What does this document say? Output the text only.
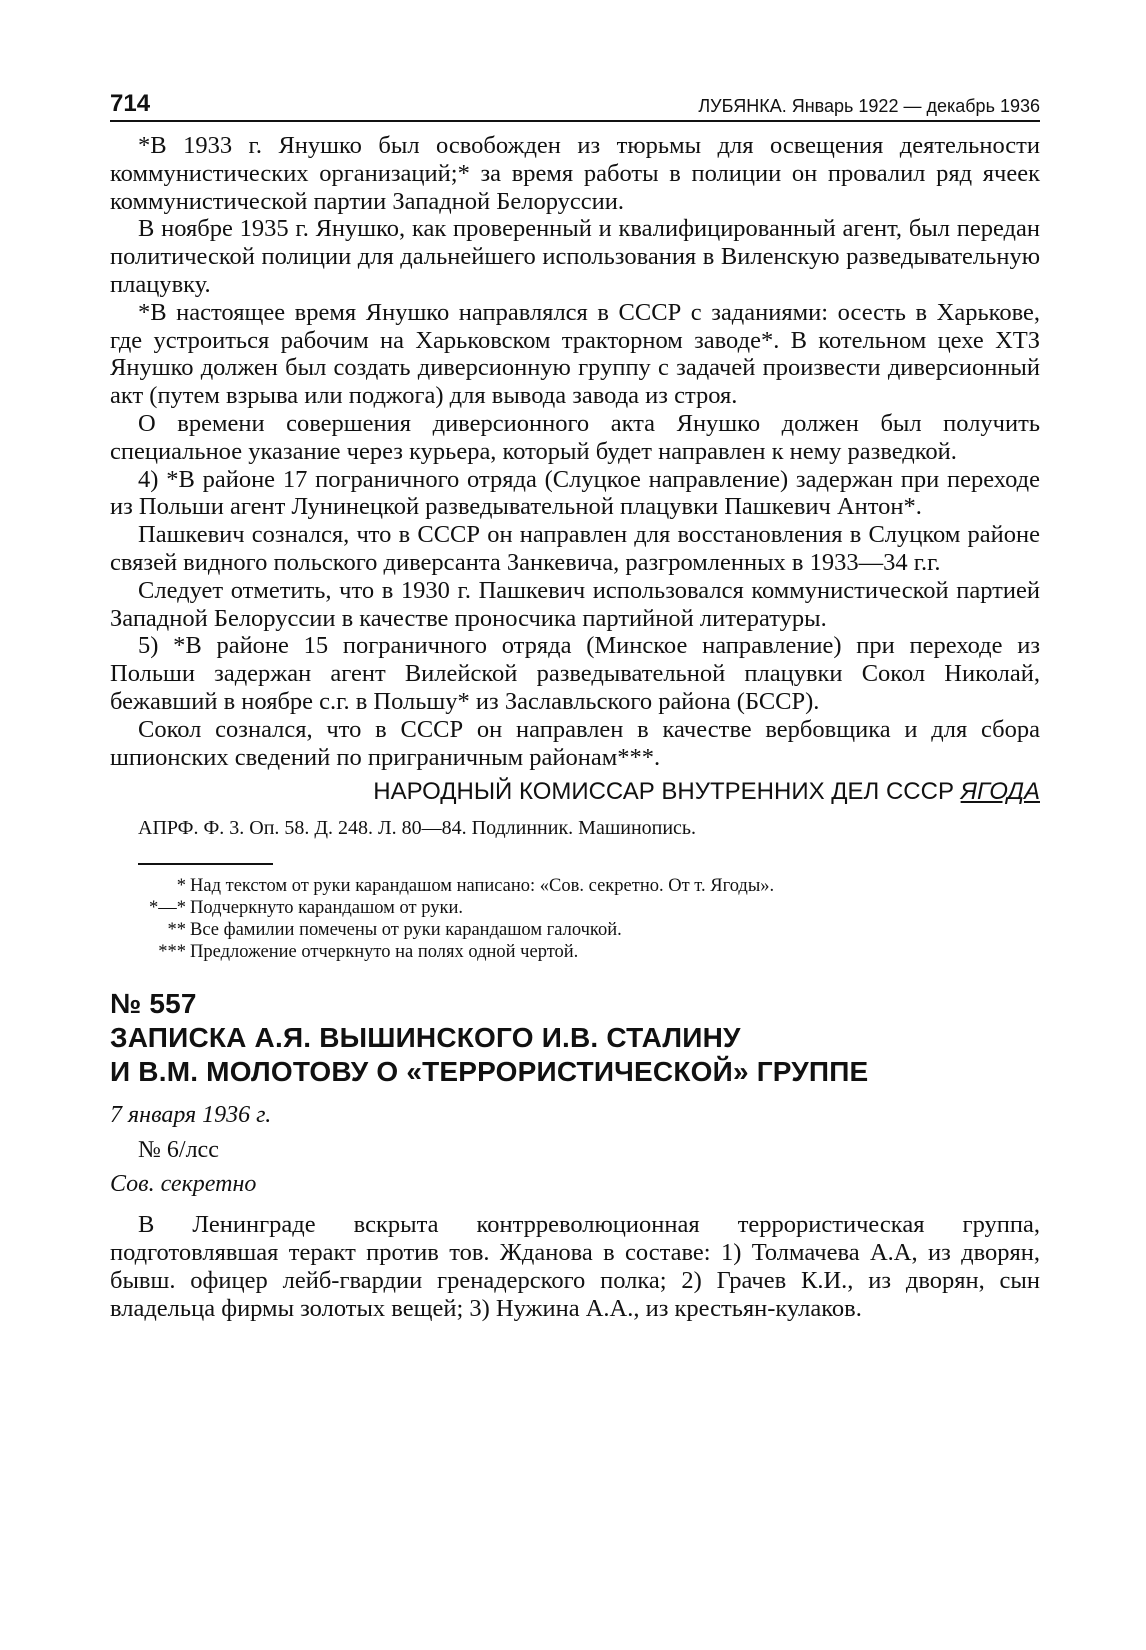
714	ЛУБЯНКА. Январь 1922 — декабрь 1936

*В 1933 г. Янушко был освобожден из тюрьмы для освещения деятельности коммунистических организаций;* за время работы в полиции он провалил ряд ячеек коммунистической партии Западной Белоруссии.

В ноябре 1935 г. Янушко, как проверенный и квалифицированный агент, был передан политической полиции для дальнейшего использования в Виленскую разведывательную плацувку.

*В настоящее время Янушко направлялся в СССР с заданиями: осесть в Харькове, где устроиться рабочим на Харьковском тракторном заводе*. В котельном цехе ХТЗ Янушко должен был создать диверсионную группу с задачей произвести диверсионный акт (путем взрыва или поджога) для вывода завода из строя.

О времени совершения диверсионного акта Янушко должен был получить специальное указание через курьера, который будет направлен к нему разведкой.

4) *В районе 17 пограничного отряда (Слуцкое направление) задержан при переходе из Польши агент Лунинецкой разведывательной плацувки Пашкевич Антон*.

Пашкевич сознался, что в СССР он направлен для восстановления в Слуцком районе связей видного польского диверсанта Занкевича, разгромленных в 1933—34 г.г.

Следует отметить, что в 1930 г. Пашкевич использовался коммунистической партией Западной Белоруссии в качестве проносчика партийной литературы.

5) *В районе 15 пограничного отряда (Минское направление) при переходе из Польши задержан агент Вилейской разведывательной плацувки Сокол Николай, бежавший в ноябре с.г. в Польшу* из Заславльского района (БССР).

Сокол сознался, что в СССР он направлен в качестве вербовщика и для сбора шпионских сведений по приграничным районам***.

НАРОДНЫЙ КОМИССАР ВНУТРЕННИХ ДЕЛ СССР ЯГОДА
АПРФ. Ф. 3. Оп. 58. Д. 248. Л. 80—84. Подлинник. Машинопись.
* Над текстом от руки карандашом написано: «Сов. секретно. От т. Ягоды».
*—* Подчеркнуто карандашом от руки.
** Все фамилии помечены от руки карандашом галочкой.
*** Предложение отчеркнуто на полях одной чертой.
№ 557
ЗАПИСКА А.Я. ВЫШИНСКОГО И.В. СТАЛИНУ
И В.М. МОЛОТОВУ О «ТЕРРОРИСТИЧЕСКОЙ» ГРУППЕ
7 января 1936 г.
№ 6/лсс
Сов. секретно

В Ленинграде вскрыта контрреволюционная террористическая группа, подготовлявшая теракт против тов. Жданова в составе: 1) Толмачева А.А, из дворян, бывш. офицер лейб-гвардии гренадерского полка; 2) Грачев К.И., из дворян, сын владельца фирмы золотых вещей; 3) Нужина А.А., из крестьян-кулаков.
